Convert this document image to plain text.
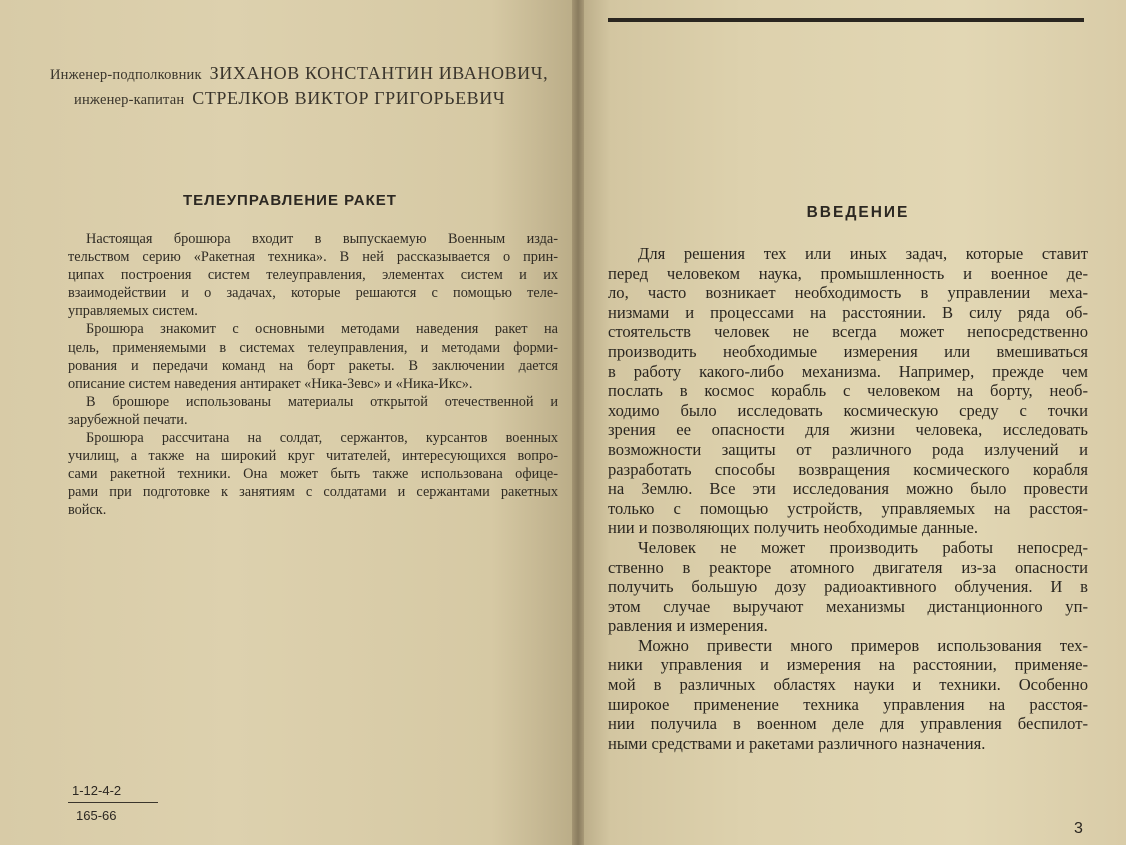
Инженер-подполковник ЗИХАНОВ КОНСТАНТИН ИВАНОВИЧ,
инженер-капитан СТРЕЛКОВ ВИКТОР ГРИГОРЬЕВИЧ
ТЕЛЕУПРАВЛЕНИЕ РАКЕТ
Настоящая брошюра входит в выпускаемую Военным изда-
тельством серию «Ракетная техника». В ней рассказывается о прин-
ципах построения систем телеуправления, элементах систем и их
взаимодействии и о задачах, которые решаются с помощью теле-
управляемых систем.
Брошюра знакомит с основными методами наведения ракет на
цель, применяемыми в системах телеуправления, и методами форми-
рования и передачи команд на борт ракеты. В заключении дается
описание систем наведения антиракет «Ника-Зевс» и «Ника-Икс».
В брошюре использованы материалы открытой отечественной и
зарубежной печати.
Брошюра рассчитана на солдат, сержантов, курсантов военных
училищ, а также на широкий круг читателей, интересующихся вопро-
сами ракетной техники. Она может быть также использована офице-
рами при подготовке к занятиям с солдатами и сержантами ракетных
войск.
1-12-4-2
165-66
ВВЕДЕНИЕ
Для решения тех или иных задач, которые ставит
перед человеком наука, промышленность и военное де-
ло, часто возникает необходимость в управлении меха-
низмами и процессами на расстоянии. В силу ряда об-
стоятельств человек не всегда может непосредственно
производить необходимые измерения или вмешиваться
в работу какого-либо механизма. Например, прежде чем
послать в космос корабль с человеком на борту, необ-
ходимо было исследовать космическую среду с точки
зрения ее опасности для жизни человека, исследовать
возможности защиты от различного рода излучений и
разработать способы возвращения космического корабля
на Землю. Все эти исследования можно было провести
только с помощью устройств, управляемых на расстоя-
нии и позволяющих получить необходимые данные.
Человек не может производить работы непосред-
ственно в реакторе атомного двигателя из-за опасности
получить большую дозу радиоактивного облучения. И в
этом случае выручают механизмы дистанционного уп-
равления и измерения.
Можно привести много примеров использования тех-
ники управления и измерения на расстоянии, применяе-
мой в различных областях науки и техники. Особенно
широкое применение техника управления на расстоя-
нии получила в военном деле для управления беспилот-
ными средствами и ракетами различного назначения.
3
